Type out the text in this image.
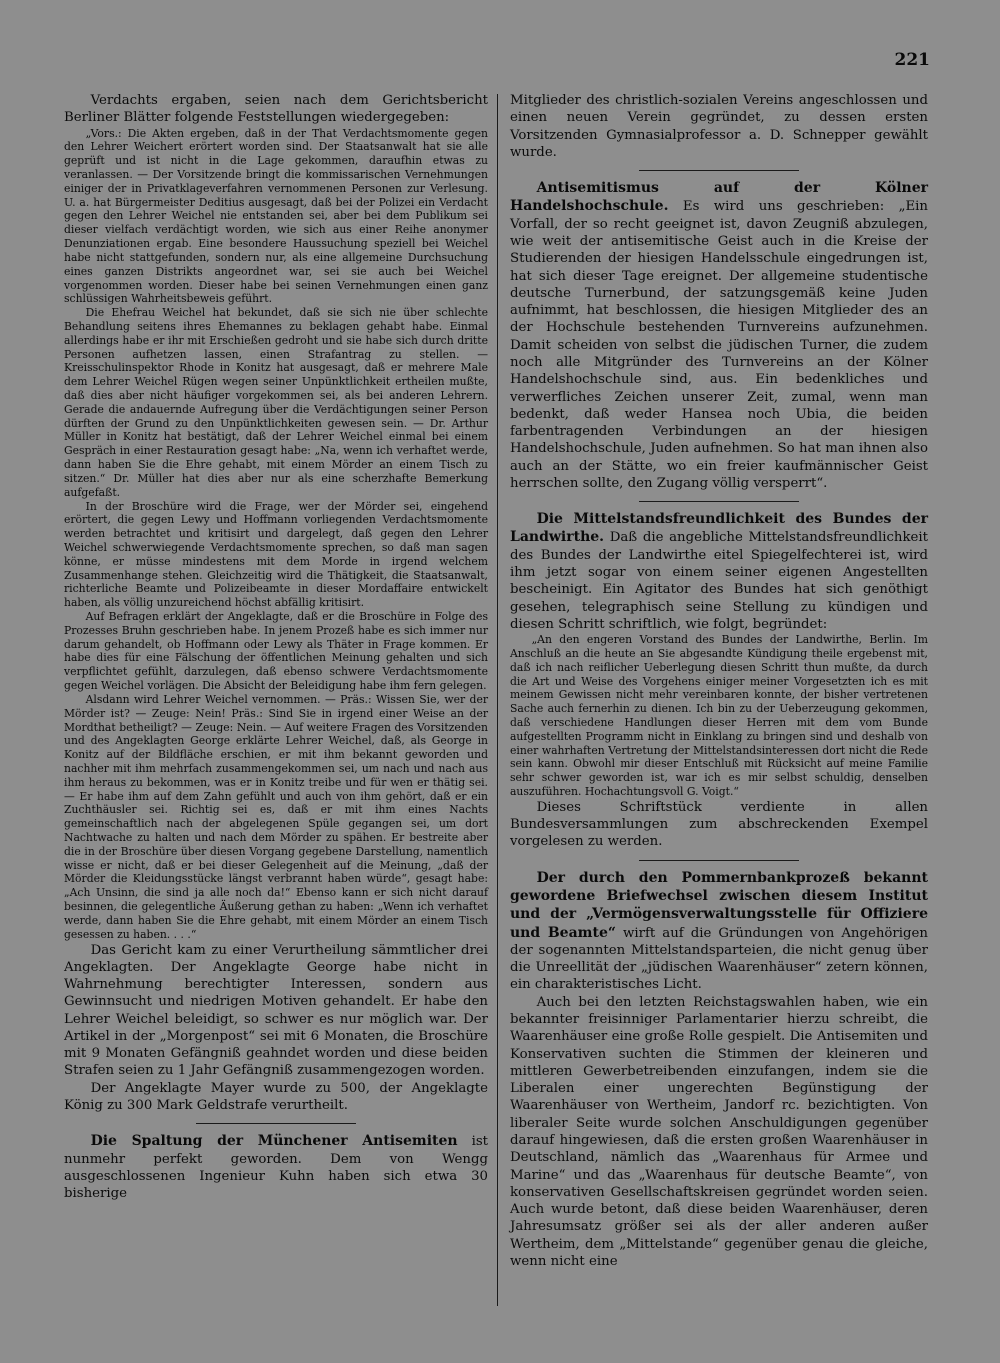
221

Verdachts ergaben, seien nach dem Gerichtsbericht Berliner Blätter folgende Feststellungen wiedergegeben:

„Vors.: Die Akten ergeben, daß in der That Verdachtsmomente gegen den Lehrer Weichert erörtert worden sind. Der Staatsanwalt hat sie alle geprüft und ist nicht in die Lage gekommen, daraufhin etwas zu veranlassen. — Der Vorsitzende bringt die kommissarischen Vernehmungen einiger der in Privatklageverfahren vernommenen Personen zur Verlesung. U. a. hat Bürgermeister Deditius ausgesagt, daß bei der Polizei ein Verdacht gegen den Lehrer Weichel nie entstanden sei, aber bei dem Publikum sei dieser vielfach verdächtigt worden, wie sich aus einer Reihe anonymer Denunziationen ergab. Eine besondere Haussuchung speziell bei Weichel habe nicht stattgefunden, sondern nur, als eine allgemeine Durchsuchung eines ganzen Distrikts angeordnet war, sei sie auch bei Weichel vorgenommen worden. Dieser habe bei seinen Vernehmungen einen ganz schlüssigen Wahrheitsbeweis geführt.

Die Ehefrau Weichel hat bekundet, daß sie sich nie über schlechte Behandlung seitens ihres Ehemannes zu beklagen gehabt habe. Einmal allerdings habe er ihr mit Erschießen gedroht und sie habe sich durch dritte Personen aufhetzen lassen, einen Strafantrag zu stellen. — Kreisschulinspektor Rhode in Konitz hat ausgesagt, daß er mehrere Male dem Lehrer Weichel Rügen wegen seiner Unpünktlichkeit ertheilen mußte, daß dies aber nicht häufiger vorgekommen sei, als bei anderen Lehrern. Gerade die andauernde Aufregung über die Verdächtigungen seiner Person dürften der Grund zu den Unpünktlichkeiten gewesen sein. — Dr. Arthur Müller in Konitz hat bestätigt, daß der Lehrer Weichel einmal bei einem Gespräch in einer Restauration gesagt habe: „Na, wenn ich verhaftet werde, dann haben Sie die Ehre gehabt, mit einem Mörder an einem Tisch zu sitzen.“ Dr. Müller hat dies aber nur als eine scherzhafte Bemerkung aufgefaßt.

In der Broschüre wird die Frage, wer der Mörder sei, eingehend erörtert, die gegen Lewy und Hoffmann vorliegenden Verdachtsmomente werden betrachtet und kritisirt und dargelegt, daß gegen den Lehrer Weichel schwerwiegende Verdachtsmomente sprechen, so daß man sagen könne, er müsse mindestens mit dem Morde in irgend welchem Zusammenhange stehen. Gleichzeitig wird die Thätigkeit, die Staatsanwalt, richterliche Beamte und Polizeibeamte in dieser Mordaffaire entwickelt haben, als völlig unzureichend höchst abfällig kritisirt.

Auf Befragen erklärt der Angeklagte, daß er die Broschüre in Folge des Prozesses Bruhn geschrieben habe. In jenem Prozeß habe es sich immer nur darum gehandelt, ob Hoffmann oder Lewy als Thäter in Frage kommen. Er habe dies für eine Fälschung der öffentlichen Meinung gehalten und sich verpflichtet gefühlt, darzulegen, daß ebenso schwere Verdachtsmomente gegen Weichel vorlägen. Die Absicht der Beleidigung habe ihm fern gelegen.

Alsdann wird Lehrer Weichel vernommen. — Präs.: Wissen Sie, wer der Mörder ist? — Zeuge: Nein! Präs.: Sind Sie in irgend einer Weise an der Mordthat betheiligt? — Zeuge: Nein. — Auf weitere Fragen des Vorsitzenden und des Angeklagten George erklärte Lehrer Weichel, daß, als George in Konitz auf der Bildfläche erschien, er mit ihm bekannt geworden und nachher mit ihm mehrfach zusammengekommen sei, um nach und nach aus ihm heraus zu bekommen, was er in Konitz treibe und für wen er thätig sei. — Er habe ihm auf dem Zahn gefühlt und auch von ihm gehört, daß er ein Zuchthäusler sei. Richtig sei es, daß er mit ihm eines Nachts gemeinschaftlich nach der abgelegenen Spüle gegangen sei, um dort Nachtwache zu halten und nach dem Mörder zu spähen. Er bestreite aber die in der Broschüre über diesen Vorgang gegebene Darstellung, namentlich wisse er nicht, daß er bei dieser Gelegenheit auf die Meinung, „daß der Mörder die Kleidungsstücke längst verbrannt haben würde“, gesagt habe: „Ach Unsinn, die sind ja alle noch da!“ Ebenso kann er sich nicht darauf besinnen, die gelegentliche Äußerung gethan zu haben: „Wenn ich verhaftet werde, dann haben Sie die Ehre gehabt, mit einem Mörder an einem Tisch gesessen zu haben. . . .“

Das Gericht kam zu einer Verurtheilung sämmtlicher drei Angeklagten. Der Angeklagte George habe nicht in Wahrnehmung berechtigter Interessen, sondern aus Gewinnsucht und niedrigen Motiven gehandelt. Er habe den Lehrer Weichel beleidigt, so schwer es nur möglich war. Der Artikel in der „Morgenpost“ sei mit 6 Monaten, die Broschüre mit 9 Monaten Gefängniß geahndet worden und diese beiden Strafen seien zu 1 Jahr Gefängniß zusammengezogen worden.

Der Angeklagte Mayer wurde zu 500, der Angeklagte König zu 300 Mark Geldstrafe verurtheilt.

Die Spaltung der Münchener Antisemiten ist nunmehr perfekt geworden. Dem von Wengg ausgeschlossenen Ingenieur Kuhn haben sich etwa 30 bisherige

Mitglieder des christlich-sozialen Vereins angeschlossen und einen neuen Verein gegründet, zu dessen ersten Vorsitzenden Gymnasialprofessor a. D. Schnepper gewählt wurde.

Antisemitismus auf der Kölner Handelshochschule. Es wird uns geschrieben: „Ein Vorfall, der so recht geeignet ist, davon Zeugniß abzulegen, wie weit der antisemitische Geist auch in die Kreise der Studierenden der hiesigen Handelsschule eingedrungen ist, hat sich dieser Tage ereignet. Der allgemeine studentische deutsche Turnerbund, der satzungsgemäß keine Juden aufnimmt, hat beschlossen, die hiesigen Mitglieder des an der Hochschule bestehenden Turnvereins aufzunehmen. Damit scheiden von selbst die jüdischen Turner, die zudem noch alle Mitgründer des Turnvereins an der Kölner Handelshochschule sind, aus. Ein bedenkliches und verwerfliches Zeichen unserer Zeit, zumal, wenn man bedenkt, daß weder Hansea noch Ubia, die beiden farbentragenden Verbindungen an der hiesigen Handelshochschule, Juden aufnehmen. So hat man ihnen also auch an der Stätte, wo ein freier kaufmännischer Geist herrschen sollte, den Zugang völlig versperrt“.

Die Mittelstandsfreundlichkeit des Bundes der Landwirthe. Daß die angebliche Mittelstandsfreundlichkeit des Bundes der Landwirthe eitel Spiegelfechterei ist, wird ihm jetzt sogar von einem seiner eigenen Angestellten bescheinigt. Ein Agitator des Bundes hat sich genöthigt gesehen, telegraphisch seine Stellung zu kündigen und diesen Schritt schriftlich, wie folgt, begründet:

„An den engeren Vorstand des Bundes der Landwirthe, Berlin. Im Anschluß an die heute an Sie abgesandte Kündigung theile ergebenst mit, daß ich nach reiflicher Ueberlegung diesen Schritt thun mußte, da durch die Art und Weise des Vorgehens einiger meiner Vorgesetzten ich es mit meinem Gewissen nicht mehr vereinbaren konnte, der bisher vertretenen Sache auch fernerhin zu dienen. Ich bin zu der Ueberzeugung gekommen, daß verschiedene Handlungen dieser Herren mit dem vom Bunde aufgestellten Programm nicht in Einklang zu bringen sind und deshalb von einer wahrhaften Vertretung der Mittelstandsinteressen dort nicht die Rede sein kann. Obwohl mir dieser Entschluß mit Rücksicht auf meine Familie sehr schwer geworden ist, war ich es mir selbst schuldig, denselben auszuführen. Hochachtungsvoll G. Voigt.“

Dieses Schriftstück verdiente in allen Bundesversammlungen zum abschreckenden Exempel vorgelesen zu werden.

Der durch den Pommernbankprozeß bekannt gewordene Briefwechsel zwischen diesem Institut und der „Vermögensverwaltungsstelle für Offiziere und Beamte“ wirft auf die Gründungen von Angehörigen der sogenannten Mittelstandsparteien, die nicht genug über die Unreellität der „jüdischen Waarenhäuser“ zetern können, ein charakteristisches Licht.

Auch bei den letzten Reichstagswahlen haben, wie ein bekannter freisinniger Parlamentarier hierzu schreibt, die Waarenhäuser eine große Rolle gespielt. Die Antisemiten und Konservativen suchten die Stimmen der kleineren und mittleren Gewerbetreibenden einzufangen, indem sie die Liberalen einer ungerechten Begünstigung der Waarenhäuser von Wertheim, Jandorf rc. bezichtigten. Von liberaler Seite wurde solchen Anschuldigungen gegenüber darauf hingewiesen, daß die ersten großen Waarenhäuser in Deutschland, nämlich das „Waarenhaus für Armee und Marine“ und das „Waarenhaus für deutsche Beamte“, von konservativen Gesellschaftskreisen gegründet worden seien. Auch wurde betont, daß diese beiden Waarenhäuser, deren Jahresumsatz größer sei als der aller anderen außer Wertheim, dem „Mittelstande“ gegenüber genau die gleiche, wenn nicht eine
